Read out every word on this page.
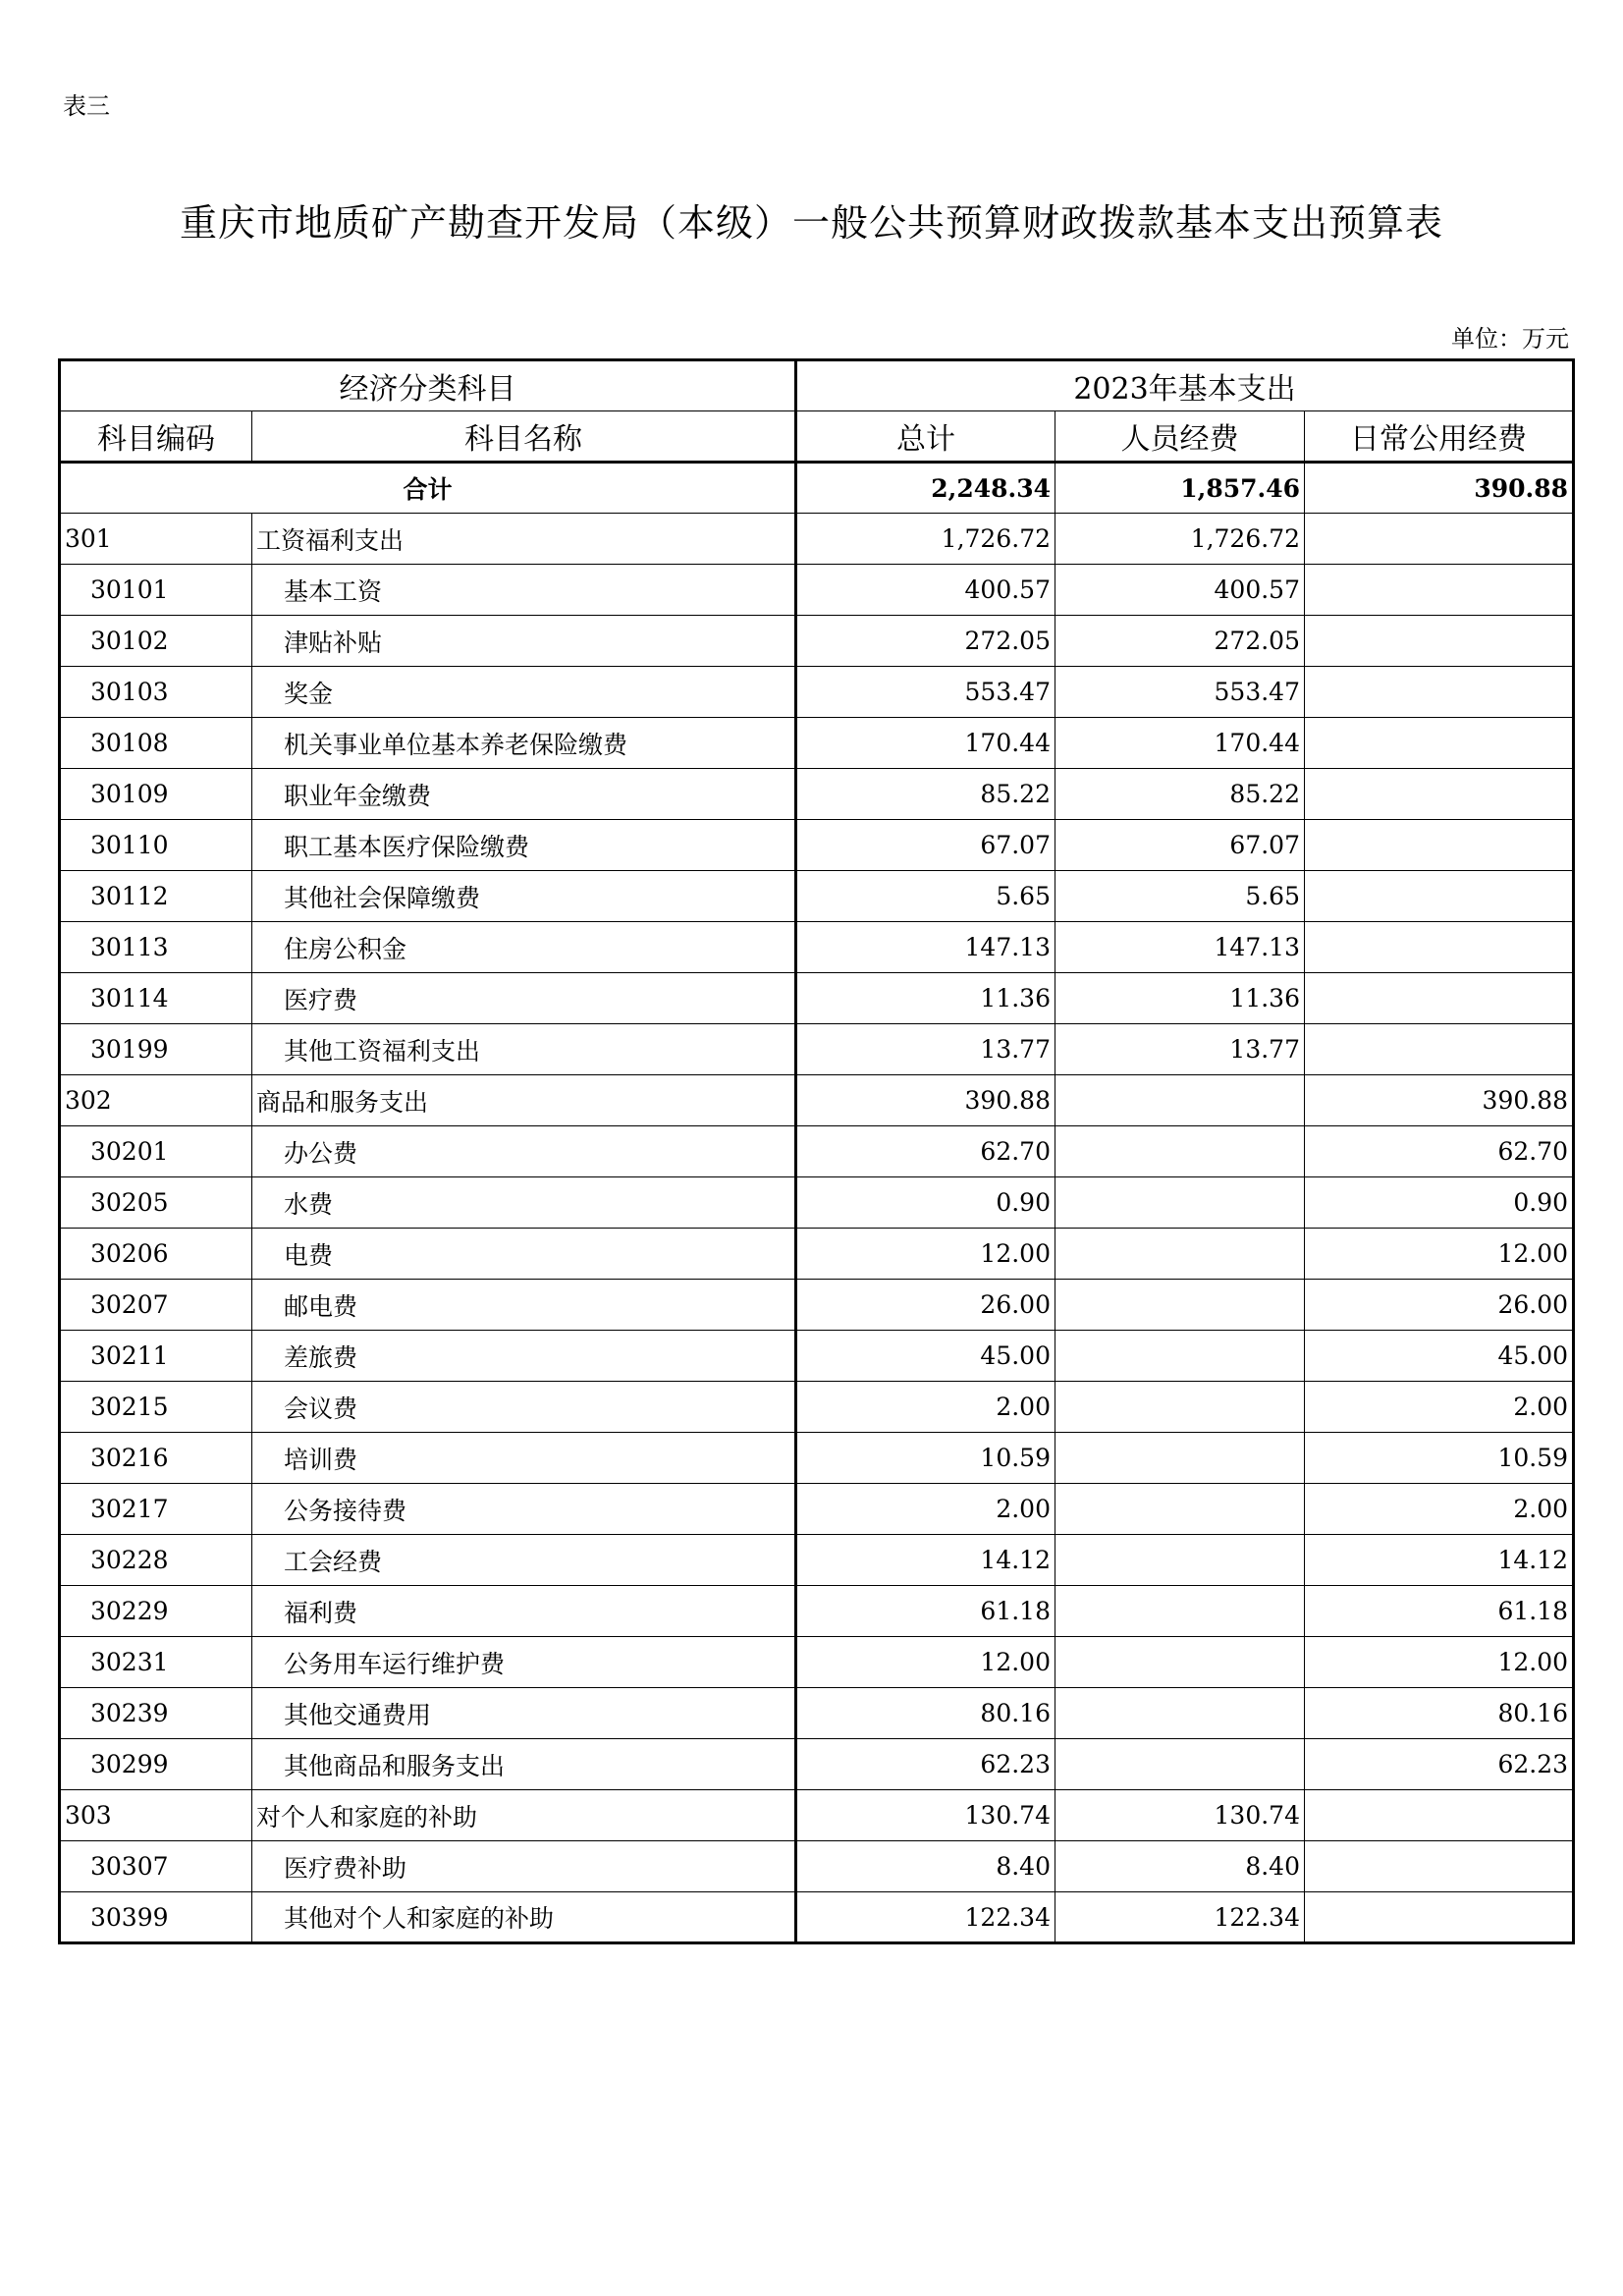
表三
重庆市地质矿产勘查开发局（本级）一般公共预算财政拨款基本支出预算表
单位：万元
经济分类科目		2023年基本支出		
科目编码	科目名称	总计	人员经费	日常公用经费
合计		2,248.34	1,857.46	390.88
301	工资福利支出	1,726.72	1,726.72	
30101	基本工资	400.57	400.57	
30102	津贴补贴	272.05	272.05	
30103	奖金	553.47	553.47	
30108	机关事业单位基本养老保险缴费	170.44	170.44	
30109	职业年金缴费	85.22	85.22	
30110	职工基本医疗保险缴费	67.07	67.07	
30112	其他社会保障缴费	5.65	5.65	
30113	住房公积金	147.13	147.13	
30114	医疗费	11.36	11.36	
30199	其他工资福利支出	13.77	13.77	
302	商品和服务支出	390.88		390.88
30201	办公费	62.70		62.70
30205	水费	0.90		0.90
30206	电费	12.00		12.00
30207	邮电费	26.00		26.00
30211	差旅费	45.00		45.00
30215	会议费	2.00		2.00
30216	培训费	10.59		10.59
30217	公务接待费	2.00		2.00
30228	工会经费	14.12		14.12
30229	福利费	61.18		61.18
30231	公务用车运行维护费	12.00		12.00
30239	其他交通费用	80.16		80.16
30299	其他商品和服务支出	62.23		62.23
303	对个人和家庭的补助	130.74	130.74	
30307	医疗费补助	8.40	8.40	
30399	其他对个人和家庭的补助	122.34	122.34	
